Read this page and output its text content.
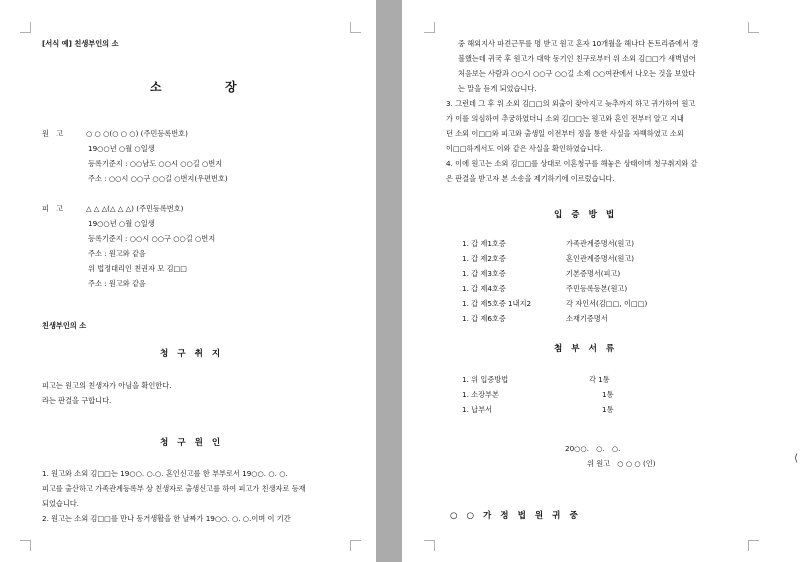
[서식 예] 친생부인의 소
소	장
원　고	○ ○ ○(○ ○ ○) (주민등록번호)
19○○년 ○월 ○일생
등록기준지 : ○○남도 ○○시 ○○길 ○번지
주소 : ○○시 ○○구 ○○길 ○번지(우편번호)
피　고	△ △ △(△ △ △) (주민등록번호)
19○○년 ○월 ○일생
등록기준지 : ○○시 ○○구 ○○길 ○번지
주소 : 원고와 같음
위 법정대리인 친권자 모 김□□
주소 : 원고와 같음
친생부인의 소
청 구 취 지
피고는 원고의 친생자가 아님을 확인한다.
라는 판결을 구합니다.
청 구 원 인
1. 원고와 소외 김□□는 19○○. ○.○. 혼인신고를 한 부부로서 19○○. ○. ○.
피고를 출산하고 가족관계등록부 상 친생자로 출생신고를 하여 피고가 친생자로 등재
되었습니다.
2. 원고는 소외 김□□를 만나 동거생활을 한 날짜가 19○○. ○. ○.이며 이 기간
중 해외지사 파견근무를 명 받고 원고 혼자 10개월을 해나다 돈트리즘에서 경
블했는데 귀국 후 원고가 대학 동기인 친구로부터 위 소외 김□□가 새벽넘어
처음보는 사람과 ○○시 ○○구 ○○길 소재 ○○여관에서 나오는 것을 보았다
는 말을 듣게 되었습니다.
3. 그런데 그 후 위 소외 김□□의 외출이 잦아지고 늦추까지 하고 귀가하여 원고
가 이를 의심하여 추궁하였더니 소외 김□□는 원고와 혼인 전부터 알고 지내
던 소외 이□□와 피고와 출생일 이전부터 정을 통한 사실을 자백하였고 소외
이□□하게서도 이와 같은 사실을 확인하였습니다.
4. 이에 원고는 소외 김□□를 상대로 이혼청구를 해놓은 상태이며 청구취지와 같
은 판결을 받고자 본 소송을 제기하기에 이르렀습니다.
입 증 방 법
1. 갑 제1호증	가족관계증명서(원고)
1. 갑 제2호증	혼인관계증명서(원고)
1. 갑 제3호증	기본증명서(피고)
1. 갑 제4호증	주민등록등본(원고)
1. 갑 제5호증 1내지2	각 자인서(김□□, 이□□)
1. 갑 제6호증	소재기증명서
첨 부 서 류
1. 위 입증방법	각 1통
1. 소장부본	1통
1. 납부서	1통
20○○.　○.　○.
위 원고　○ ○ ○ (인)
○ ○ 가 정 법 원 귀 중
⟨
